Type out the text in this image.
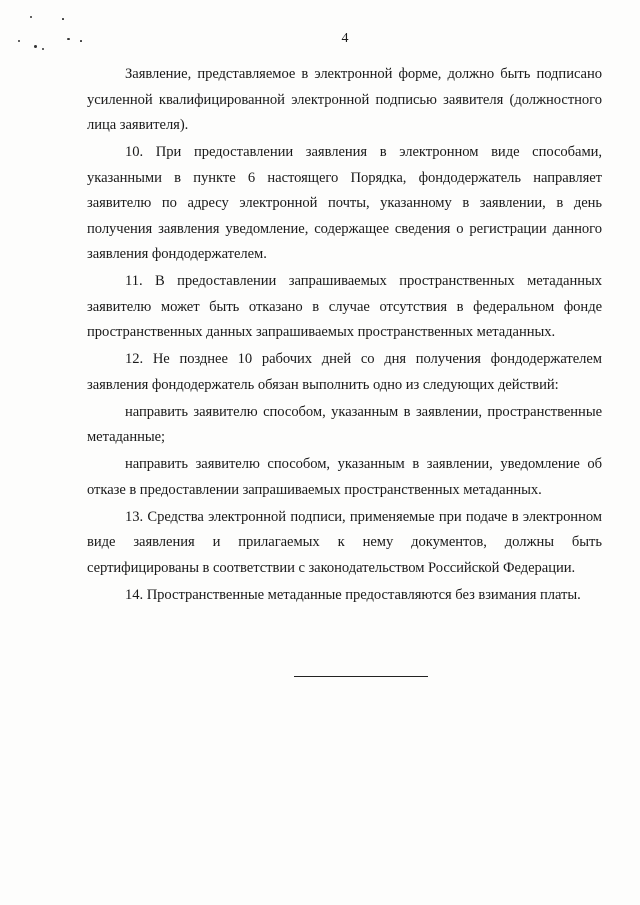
4

Заявление, представляемое в электронной форме, должно быть подписано усиленной квалифицированной электронной подписью заявителя (должностного лица заявителя).

10. При предоставлении заявления в электронном виде способами, указанными в пункте 6 настоящего Порядка, фондодержатель направляет заявителю по адресу электронной почты, указанному в заявлении, в день получения заявления уведомление, содержащее сведения о регистрации данного заявления фондодержателем.

11. В предоставлении запрашиваемых пространственных метаданных заявителю может быть отказано в случае отсутствия в федеральном фонде пространственных данных запрашиваемых пространственных метаданных.

12. Не позднее 10 рабочих дней со дня получения фондодержателем заявления фондодержатель обязан выполнить одно из следующих действий:

направить заявителю способом, указанным в заявлении, пространственные метаданные;

направить заявителю способом, указанным в заявлении, уведомление об отказе в предоставлении запрашиваемых пространственных метаданных.

13. Средства электронной подписи, применяемые при подаче в электронном виде заявления и прилагаемых к нему документов, должны быть сертифицированы в соответствии с законодательством Российской Федерации.

14. Пространственные метаданные предоставляются без взимания платы.
